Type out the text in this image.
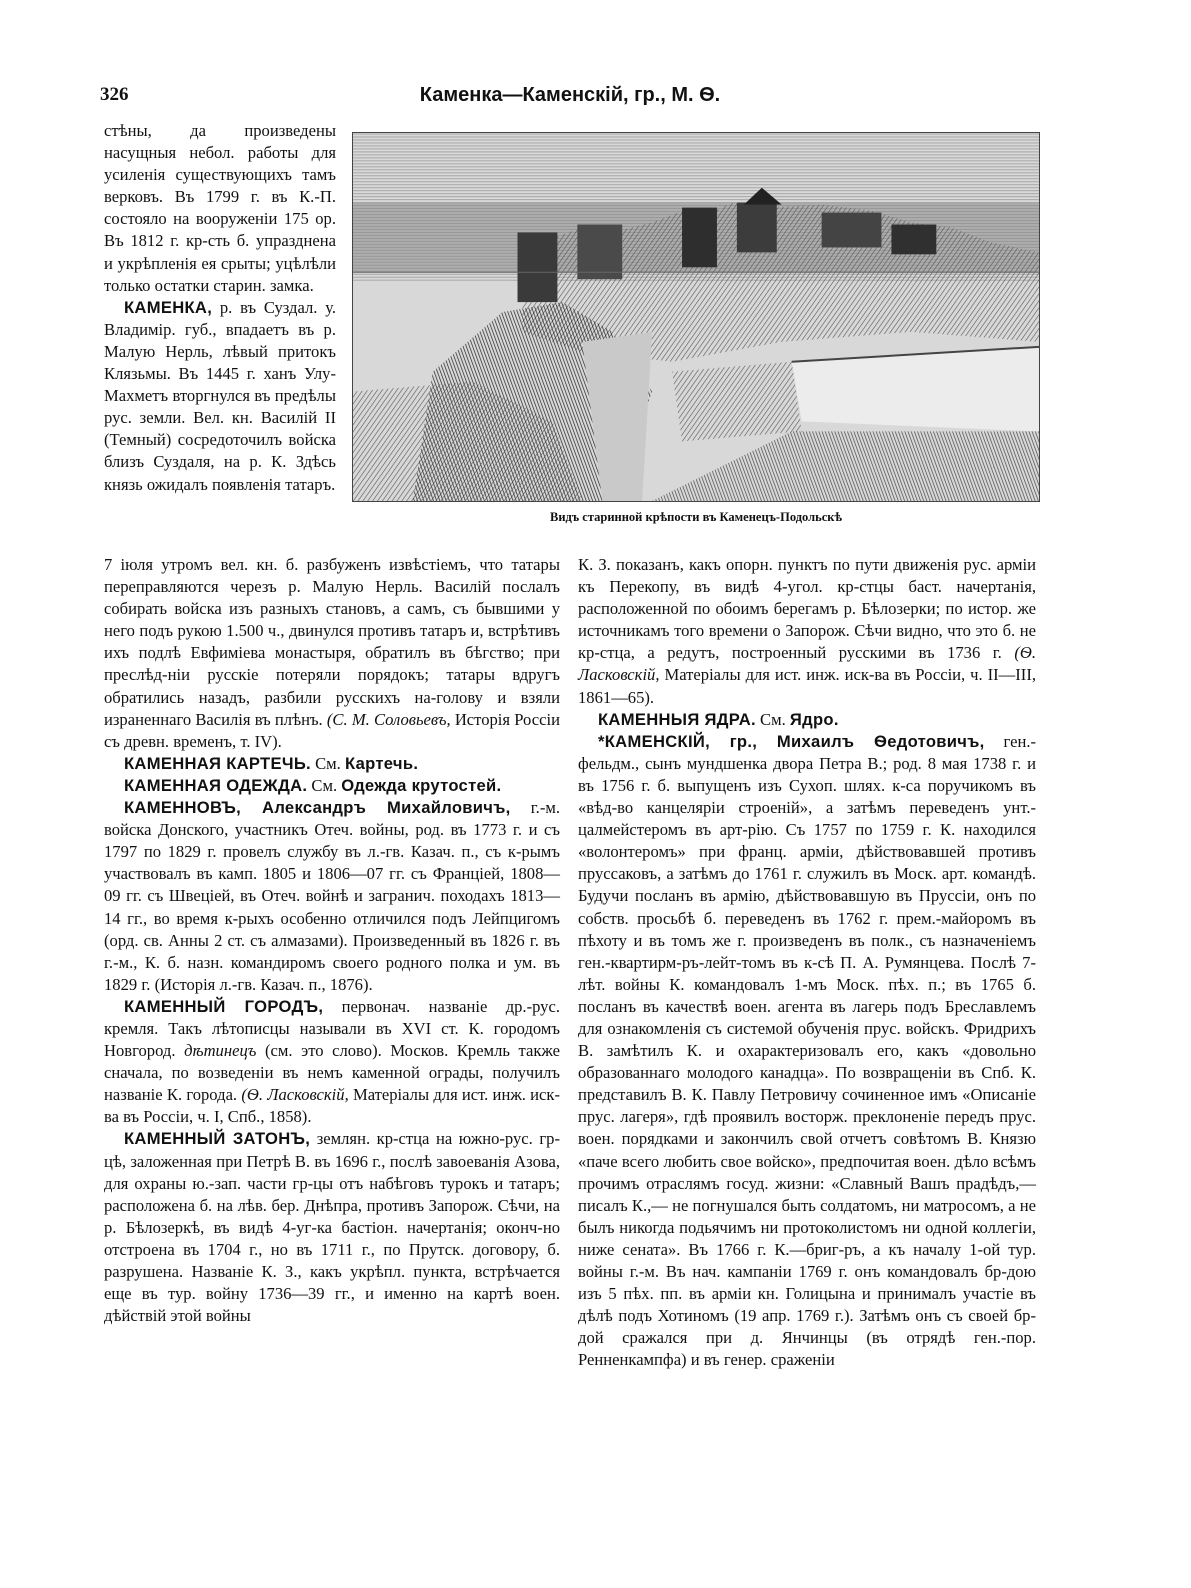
326	Каменка—Каменскій, гр., М. Ѳ.

стѣны, да произведены насущныя небол. работы для усиленія существующихъ тамъ верковъ. Въ 1799 г. въ К.-П. состояло на вооруженіи 175 ор. Въ 1812 г. кр-сть б. упразднена и укрѣпленія ея срыты; уцѣлѣли только остатки старин. замка.

КАМЕНКА, р. въ Суздал. у. Владимір. губ., впадаетъ въ р. Малую Нерль, лѣвый притокъ Клязьмы. Въ 1445 г. ханъ Улу-Махметъ вторгнулся въ предѣлы рус. земли. Вел. кн. Василій II (Темный) сосредоточилъ войска близъ Суздаля, на р. К. Здѣсь князь ожидалъ появленія татаръ.

Видъ старинной крѣпости въ Каменецъ-Подольскѣ

7 іюля утромъ вел. кн. б. разбуженъ извѣстіемъ, что татары переправляются черезъ р. Малую Нерль. Василій послалъ собирать войска изъ разныхъ становъ, а самъ, съ бывшими у него подъ рукою 1.500 ч., двинулся противъ татаръ и, встрѣтивъ ихъ подлѣ Евфиміева монастыря, обратилъ въ бѣгство; при преслѣд-ніи русскіе потеряли порядокъ; татары вдругъ обратились назадъ, разбили русскихъ на-голову и взяли израненнаго Василія въ плѣнъ. (С. М. Соловьевъ, Исторія Россіи съ древн. временъ, т. IV).

КАМЕННАЯ КАРТЕЧЬ. См. Картечь.

КАМЕННАЯ ОДЕЖДА. См. Одежда крутостей.

КАМЕННОВЪ, Александръ Михайловичъ, г.-м. войска Донского, участникъ Отеч. войны, род. въ 1773 г. и съ 1797 по 1829 г. провелъ службу въ л.-гв. Казач. п., съ к-рымъ участвовалъ въ камп. 1805 и 1806—07 гг. съ Франціей, 1808—09 гг. съ Швеціей, въ Отеч. войнѣ и загранич. походахъ 1813—14 гг., во время к-рыхъ особенно отличился подъ Лейпцигомъ (орд. св. Анны 2 ст. съ алмазами). Произведенный въ 1826 г. въ г.-м., К. б. назн. командиромъ своего родного полка и ум. въ 1829 г. (Исторія л.-гв. Казач. п., 1876).

КАМЕННЫЙ ГОРОДЪ, первонач. названіе др.-рус. кремля. Такъ лѣтописцы называли въ XVI ст. К. городомъ Новгород. дѣтинецъ (см. это слово). Москов. Кремль также сначала, по возведеніи въ немъ каменной ограды, получилъ названіе К. города. (Ѳ. Ласковскій, Матеріалы для ист. инж. иск-ва въ Россіи, ч. I, Спб., 1858).

КАМЕННЫЙ ЗАТОНЪ, землян. кр-стца на южно-рус. гр-цѣ, заложенная при Петрѣ В. въ 1696 г., послѣ завоеванія Азова, для охраны ю.-зап. части гр-цы отъ набѣговъ турокъ и татаръ; расположена б. на лѣв. бер. Днѣпра, противъ Запорож. Сѣчи, на р. Бѣлозеркѣ, въ видѣ 4-уг-ка бастіон. начертанія; оконч-но отстроена въ 1704 г., но въ 1711 г., по Прутск. договору, б. разрушена. Названіе К. З., какъ укрѣпл. пункта, встрѣчается еще въ тур. войну 1736—39 гг., и именно на картѣ воен. дѣйствій этой войны

К. З. показанъ, какъ опорн. пунктъ по пути движенія рус. арміи къ Перекопу, въ видѣ 4-угол. кр-стцы баст. начертанія, расположенной по обоимъ берегамъ р. Бѣлозерки; по истор. же источникамъ того времени о Запорож. Сѣчи видно, что это б. не кр-стца, а редутъ, построенный русскими въ 1736 г. (Ѳ. Ласковскій, Матеріалы для ист. инж. иск-ва въ Россіи, ч. II—III, 1861—65).

КАМЕННЫЯ ЯДРА. См. Ядро.

*КАМЕНСКІЙ, гр., Михаилъ Ѳедотовичъ, ген.-фельдм., сынъ мундшенка двора Петра В.; род. 8 мая 1738 г. и въ 1756 г. б. выпущенъ изъ Сухоп. шлях. к-са поручикомъ въ «вѣд-во канцеляріи строеній», а затѣмъ переведенъ унт.-цалмейстеромъ въ арт-рію. Съ 1757 по 1759 г. К. находился «волонтеромъ» при франц. арміи, дѣйствовавшей противъ пруссаковъ, а затѣмъ до 1761 г. служилъ въ Моск. арт. командѣ. Будучи посланъ въ армію, дѣйствовавшую въ Пруссіи, онъ по собств. просьбѣ б. переведенъ въ 1762 г. прем.-майоромъ въ пѣхоту и въ томъ же г. произведенъ въ полк., съ назначеніемъ ген.-квартирм-ръ-лейт-томъ въ к-сѣ П. А. Румянцева. Послѣ 7-лѣт. войны К. командовалъ 1-мъ Моск. пѣх. п.; въ 1765 б. посланъ въ качествѣ воен. агента въ лагерь подъ Бреславлемъ для ознакомленія съ системой обученія прус. войскъ. Фридрихъ В. замѣтилъ К. и охарактеризовалъ его, какъ «довольно образованнаго молодого канадца». По возвращеніи въ Спб. К. представилъ В. К. Павлу Петровичу сочиненное имъ «Описаніе прус. лагеря», гдѣ проявилъ восторж. преклоненіе передъ прус. воен. порядками и закончилъ свой отчетъ совѣтомъ В. Князю «паче всего любить свое войско», предпочитая воен. дѣло всѣмъ прочимъ отраслямъ госуд. жизни: «Славный Вашъ прадѣдъ,— писалъ К.,— не погнушался быть солдатомъ, ни матросомъ, а не былъ никогда подьячимъ ни протоколистомъ ни одной коллегіи, ниже сената». Въ 1766 г. К.—бриг-ръ, а къ началу 1-ой тур. войны г.-м. Въ нач. кампаніи 1769 г. онъ командовалъ бр-дою изъ 5 пѣх. пп. въ арміи кн. Голицына и принималъ участіе въ дѣлѣ подъ Хотиномъ (19 апр. 1769 г.). Затѣмъ онъ съ своей бр-дой сражался при д. Янчинцы (въ отрядѣ ген.-пор. Ренненкампфа) и въ генер. сраженіи
